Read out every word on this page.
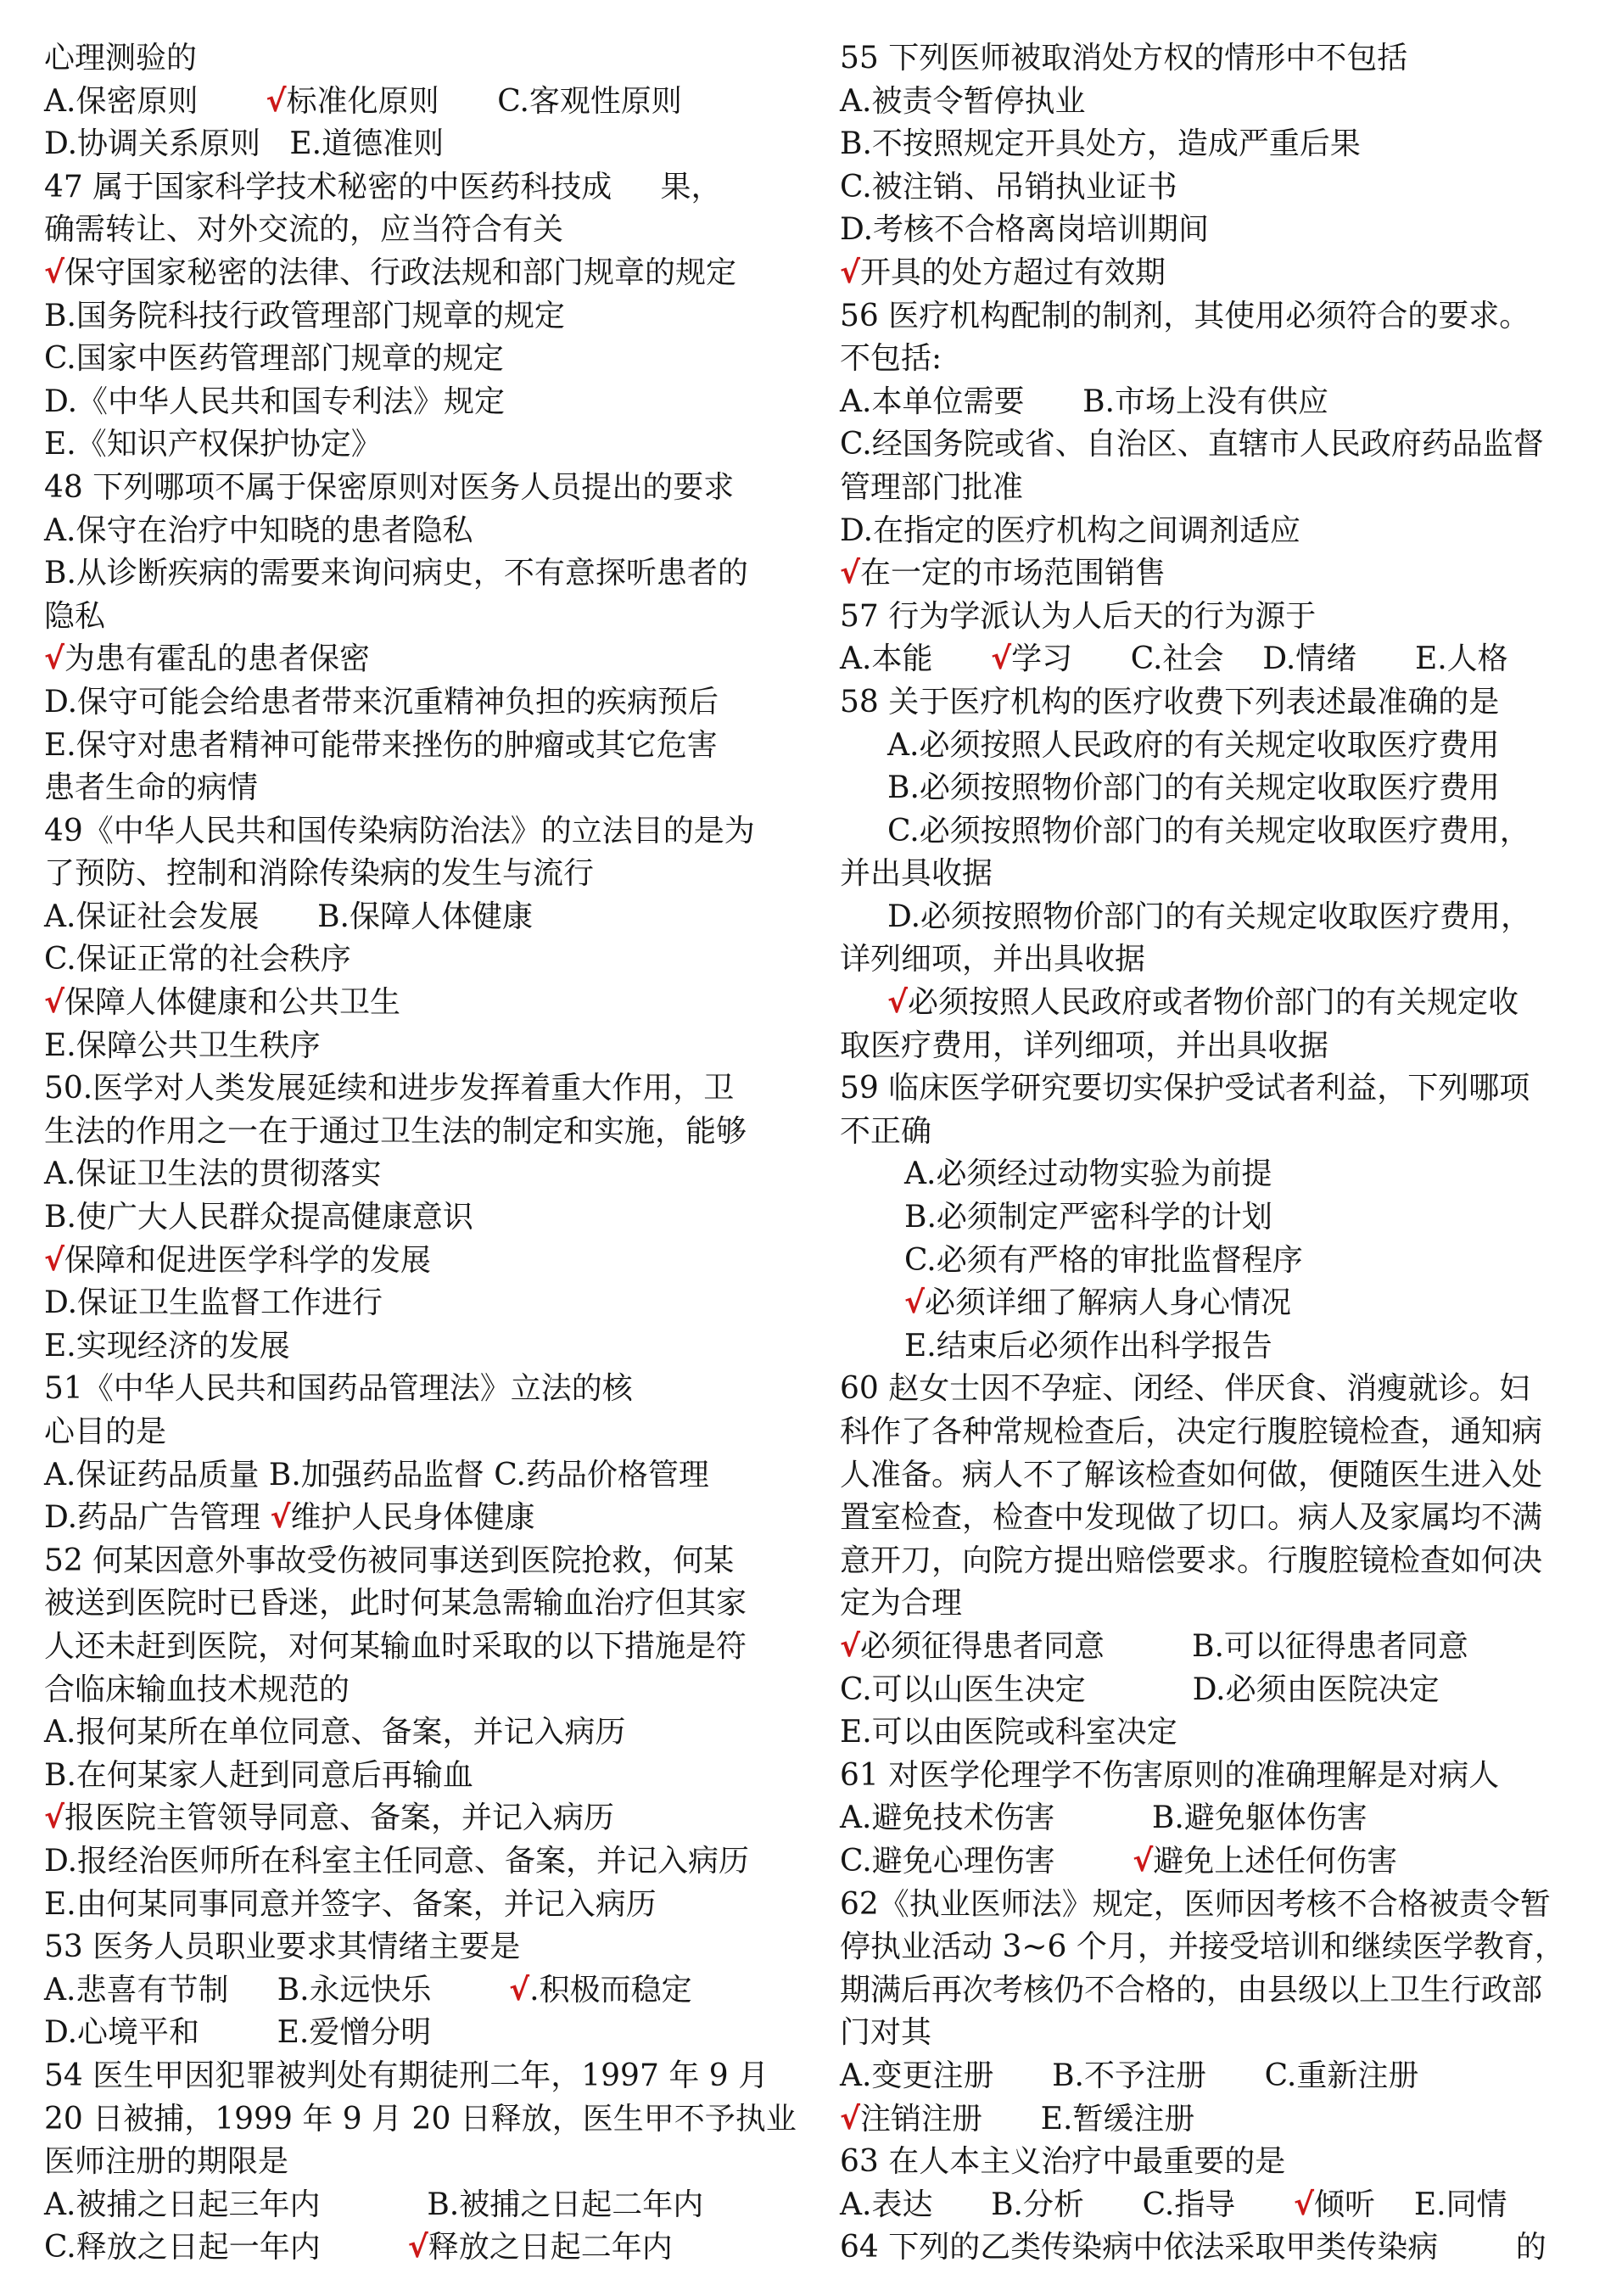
心理测验的
A.保密原则       √标准化原则      C.客观性原则
D.协调关系原则   E.道德准则
47 属于国家科学技术秘密的中医药科技成     果，
确需转让、对外交流的，应当符合有关
√保守国家秘密的法律、行政法规和部门规章的规定
B.国务院科技行政管理部门规章的规定
C.国家中医药管理部门规章的规定
D.《中华人民共和国专利法》规定
E.《知识产权保护协定》
48 下列哪项不属于保密原则对医务人员提出的要求
A.保守在治疗中知晓的患者隐私
B.从诊断疾病的需要来询问病史，不有意探听患者的
隐私
√为患有霍乱的患者保密
D.保守可能会给患者带来沉重精神负担的疾病预后
E.保守对患者精神可能带来挫伤的肿瘤或其它危害
患者生命的病情
49《中华人民共和国传染病防治法》的立法目的是为
了预防、控制和消除传染病的发生与流行
A.保证社会发展      B.保障人体健康
C.保证正常的社会秩序
√保障人体健康和公共卫生
E.保障公共卫生秩序
50.医学对人类发展延续和进步发挥着重大作用，卫
生法的作用之一在于通过卫生法的制定和实施，能够
A.保证卫生法的贯彻落实
B.使广大人民群众提高健康意识
√保障和促进医学科学的发展
D.保证卫生监督工作进行
E.实现经济的发展
51《中华人民共和国药品管理法》立法的核
心目的是
A.保证药品质量 B.加强药品监督 C.药品价格管理
D.药品广告管理 √维护人民身体健康
52 何某因意外事故受伤被同事送到医院抢救，何某
被送到医院时已昏迷，此时何某急需输血治疗但其家
人还未赶到医院，对何某输血时采取的以下措施是符
合临床输血技术规范的
A.报何某所在单位同意、备案，并记入病历
B.在何某家人赶到同意后再输血
√报医院主管领导同意、备案，并记入病历
D.报经治医师所在科室主任同意、备案，并记入病历
E.由何某同事同意并签字、备案，并记入病历
53 医务人员职业要求其情绪主要是
A.悲喜有节制     B.永远快乐        √.积极而稳定
D.心境平和        E.爱憎分明
54 医生甲因犯罪被判处有期徒刑二年，1997 年 9 月
20 日被捕，1999 年 9 月 20 日释放，医生甲不予执业
医师注册的期限是
A.被捕之日起三年内           B.被捕之日起二年内
C.释放之日起一年内         √释放之日起二年内
55 下列医师被取消处方权的情形中不包括
A.被责令暂停执业
B.不按照规定开具处方，造成严重后果
C.被注销、吊销执业证书
D.考核不合格离岗培训期间
√开具的处方超过有效期
56 医疗机构配制的制剂，其使用必须符合的要求。
不包括:
A.本单位需要      B.市场上没有供应
C.经国务院或省、自治区、直辖市人民政府药品监督
管理部门批准
D.在指定的医疗机构之间调剂适应
√在一定的市场范围销售
57 行为学派认为人后天的行为源于
A.本能      √学习      C.社会    D.情绪      E.人格
58 关于医疗机构的医疗收费下列表述最准确的是
A.必须按照人民政府的有关规定收取医疗费用
B.必须按照物价部门的有关规定收取医疗费用
C.必须按照物价部门的有关规定收取医疗费用，
并出具收据
D.必须按照物价部门的有关规定收取医疗费用，
详列细项，并出具收据
√必须按照人民政府或者物价部门的有关规定收
取医疗费用，详列细项，并出具收据
59 临床医学研究要切实保护受试者利益，下列哪项
不正确
A.必须经过动物实验为前提
B.必须制定严密科学的计划
C.必须有严格的审批监督程序
√必须详细了解病人身心情况
E.结束后必须作出科学报告
60 赵女士因不孕症、闭经、伴厌食、消瘦就诊。妇
科作了各种常规检查后，决定行腹腔镜检查，通知病
人准备。病人不了解该检查如何做，便随医生进入处
置室检查，检查中发现做了切口。病人及家属均不满
意开刀，向院方提出赔偿要求。行腹腔镜检查如何决
定为合理
√必须征得患者同意         B.可以征得患者同意
C.可以山医生决定           D.必须由医院决定
E.可以由医院或科室决定
61 对医学伦理学不伤害原则的准确理解是对病人
A.避免技术伤害          B.避免躯体伤害
C.避免心理伤害        √避免上述任何伤害
62《执业医师法》规定，医师因考核不合格被责令暂
停执业活动 3~6 个月，并接受培训和继续医学教育，
期满后再次考核仍不合格的，由县级以上卫生行政部
门对其
A.变更注册      B.不予注册      C.重新注册
√注销注册      E.暂缓注册
63 在人本主义治疗中最重要的是
A.表达      B.分析      C.指导      √倾听    E.同情
64 下列的乙类传染病中依法采取甲类传染病        的
